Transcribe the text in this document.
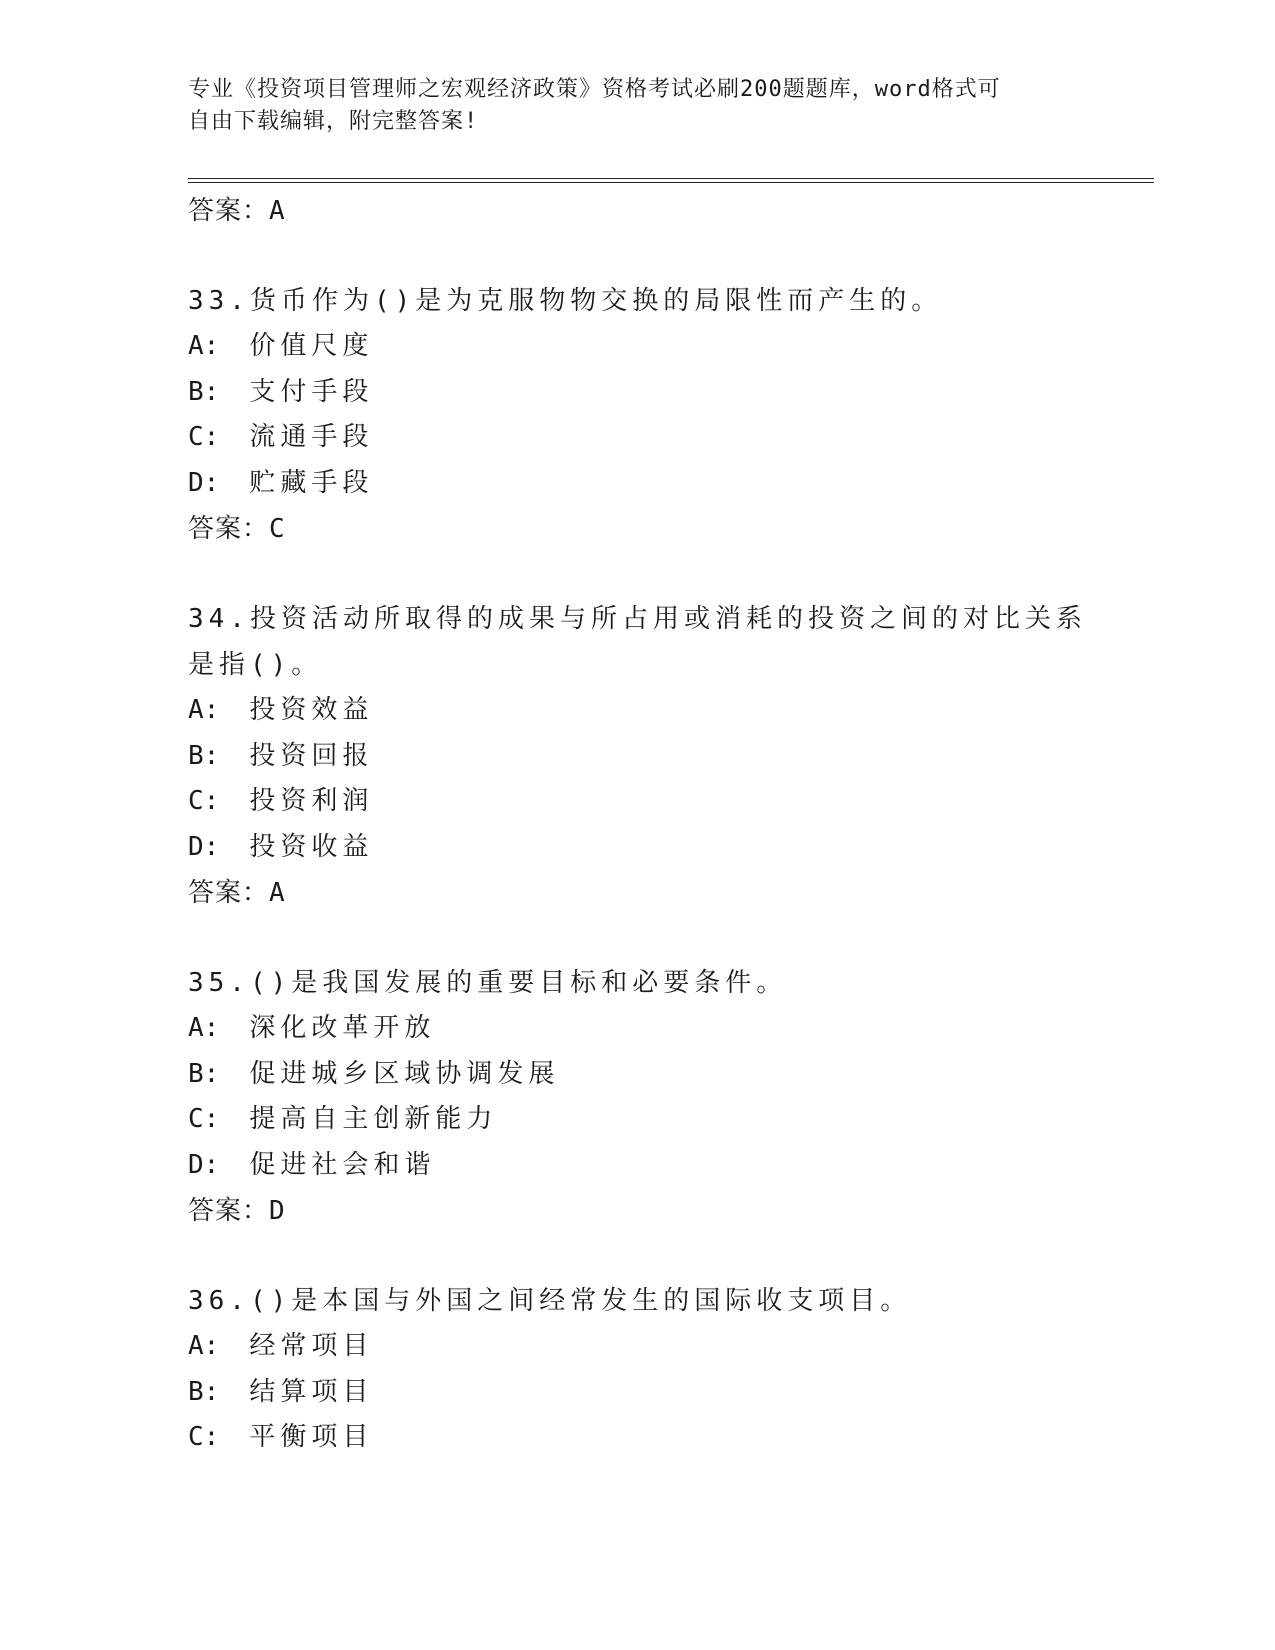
专业《投资项目管理师之宏观经济政策》资格考试必刷200题题库，word格式可
自由下载编辑，附完整答案!
答案：A
33.货币作为()是为克服物物交换的局限性而产生的。
A: 价值尺度
B: 支付手段
C: 流通手段
D: 贮藏手段
答案：C
34.投资活动所取得的成果与所占用或消耗的投资之间的对比关系是指()。
A: 投资效益
B: 投资回报
C: 投资利润
D: 投资收益
答案：A
35.()是我国发展的重要目标和必要条件。
A: 深化改革开放
B: 促进城乡区域协调发展
C: 提高自主创新能力
D: 促进社会和谐
答案：D
36.()是本国与外国之间经常发生的国际收支项目。
A: 经常项目
B: 结算项目
C: 平衡项目
